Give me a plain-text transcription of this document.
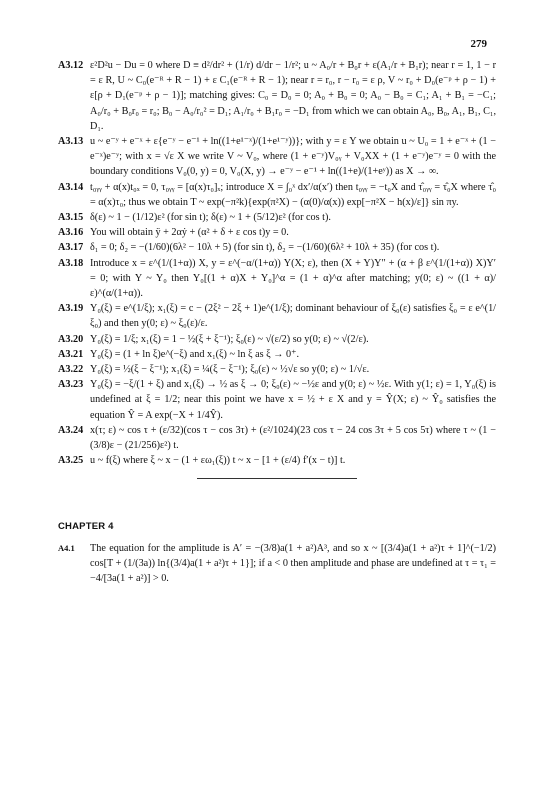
279
A3.12 ε²D²u − Du = 0 where D ≡ d²/dr² + (1/r) d/dr − 1/r²; u ~ A₀/r + B₀r + ε(A₁/r + B₁r); near r = 1, 1 − r = ε R, U ~ C₀(e⁻ᴿ + R − 1) + ε C₁(e⁻ᴿ + R − 1); near r = r₀, r − r₀ = ε ρ, V ~ r₀ + D₀(e⁻ᵖ + ρ − 1) + ε[ρ + D₁(e⁻ᵖ + ρ − 1)]; matching gives: C₀ = D₀ = 0; A₀ + B₀ = 0; A₀ − B₀ = C₁; A₁ + B₁ = −C₁; A₀/r₀ + B₀r₀ = r₀; B₀ − A₀/r₀² = D₁; A₁/r₀ + B₁r₀ = −D₁ from which we can obtain A₀, B₀, A₁, B₁, C₁, D₁.
A3.13 u ~ e⁻ʸ + e⁻ˣ + ε{e⁻ʸ − e⁻¹ + ln((1+e¹⁻ˣ)/(1+e¹⁻ʸ))}; with y = ε Y we obtain u ~ U₀ = 1 + e⁻ˣ + (1 − e⁻ˣ)e⁻ʸ; with x = √ε X we write V ~ V₀, where (1 + e⁻ʸ)V₀ᵧ + V₀XX + (1 + e⁻ʸ)e⁻ʸ = 0 with the boundary conditions V₀(0, y) = 0, V₀(X, y) → e⁻ʸ − e⁻¹ + ln((1+e)/(1+eʸ)) as X → ∞.
A3.14 t₀ᵧᵧ + α(x)t₀ₓ = 0, τ₀ᵧᵧ = [α(x)τ₀]ₓ; introduce X = ∫₀ˣ dx′/α(x′) then t₀ᵧᵧ = −t₀X and τ̂₀ᵧᵧ = τ̂₀X where τ̂₀ = α(x)τ₀; thus we obtain T ~ exp(−π²k){exp(π²X) − (α(0)/α(x)) exp[−π²X − h(x)/ε]} sin πy.
A3.15 δ(ε) ~ 1 − (1/12)ε² (for sin t); δ(ε) ~ 1 + (5/12)ε² (for cos t).
A3.16 You will obtain ÿ + 2αẏ + (α² + δ + ε cos t)y = 0.
A3.17 δ₁ = 0; δ₂ = −(1/60)(6λ² − 10λ + 5) (for sin t), δ₂ = −(1/60)(6λ² + 10λ + 35) (for cos t).
A3.18 Introduce x = ε^(1/(1+α)) X, y = ε^(−α/(1+α)) Y(X; ε), then (X + Y)Y″ + (α + β ε^(1/(1+α)) X)Y′ = 0; with Y ~ Y₀ then Y₀[(1 + α)X + Y₀]^α = (1 + α)^α after matching; y(0; ε) ~ ((1 + α)/ε)^(α/(1+α)).
A3.19 Y₀(ξ) = e^(1/ξ); x₁(ξ) = c − (2ξ² − 2ξ + 1)e^(1/ξ); dominant behaviour of ξ₀(ε) satisfies ξ₀ = ε e^(1/ξ₀) and then y(0; ε) ~ ξ₀(ε)/ε.
A3.20 Y₀(ξ) = 1/ξ; x₁(ξ) = 1 − ½(ξ + ξ⁻¹); ξ₀(ε) ~ √(ε/2) so y(0; ε) ~ √(2/ε).
A3.21 Y₀(ξ) = (1 + ln ξ)e^(−ξ) and x₁(ξ) ~ ln ξ as ξ → 0⁺.
A3.22 Y₀(ξ) = ½(ξ − ξ⁻¹); x₁(ξ) = ¼(ξ − ξ⁻¹); ξ₀(ε) ~ ½√ε so y(0; ε) ~ 1/√ε.
A3.23 Y₀(ξ) = −ξ/(1 + ξ) and x₁(ξ) → ½ as ξ → 0; ξ₀(ε) ~ −½ε and y(0; ε) ~ ½ε. With y(1; ε) = 1, Y₀(ξ) is undefined at ξ = 1/2; near this point we have x = ½ + ε X and y = Ŷ(X; ε) ~ Ŷ₀ satisfies the equation Ŷ = A exp(−X + 1/4Ŷ).
A3.24 x(τ; ε) ~ cos τ + (ε/32)(cos τ − cos 3τ) + (ε²/1024)(23 cos τ − 24 cos 3τ + 5 cos 5τ) where τ ~ (1 − (3/8)ε − (21/256)ε²) t.
A3.25 u ~ f(ξ) where ξ ~ x − (1 + εω₁(ξ)) t ~ x − [1 + (ε/4) f′(x − t)] t.
CHAPTER 4
A4.1	The equation for the amplitude is A′ = −(3/8)a(1 + a²)A³, and so x ~ [(3/4)a(1 + a²)τ + 1]^(−1/2) cos[T + (1/(3a)) ln{(3/4)a(1 + a²)τ + 1}]; if a < 0 then amplitude and phase are undefined at τ = τ₁ = −4/[3a(1 + a²)] > 0.
